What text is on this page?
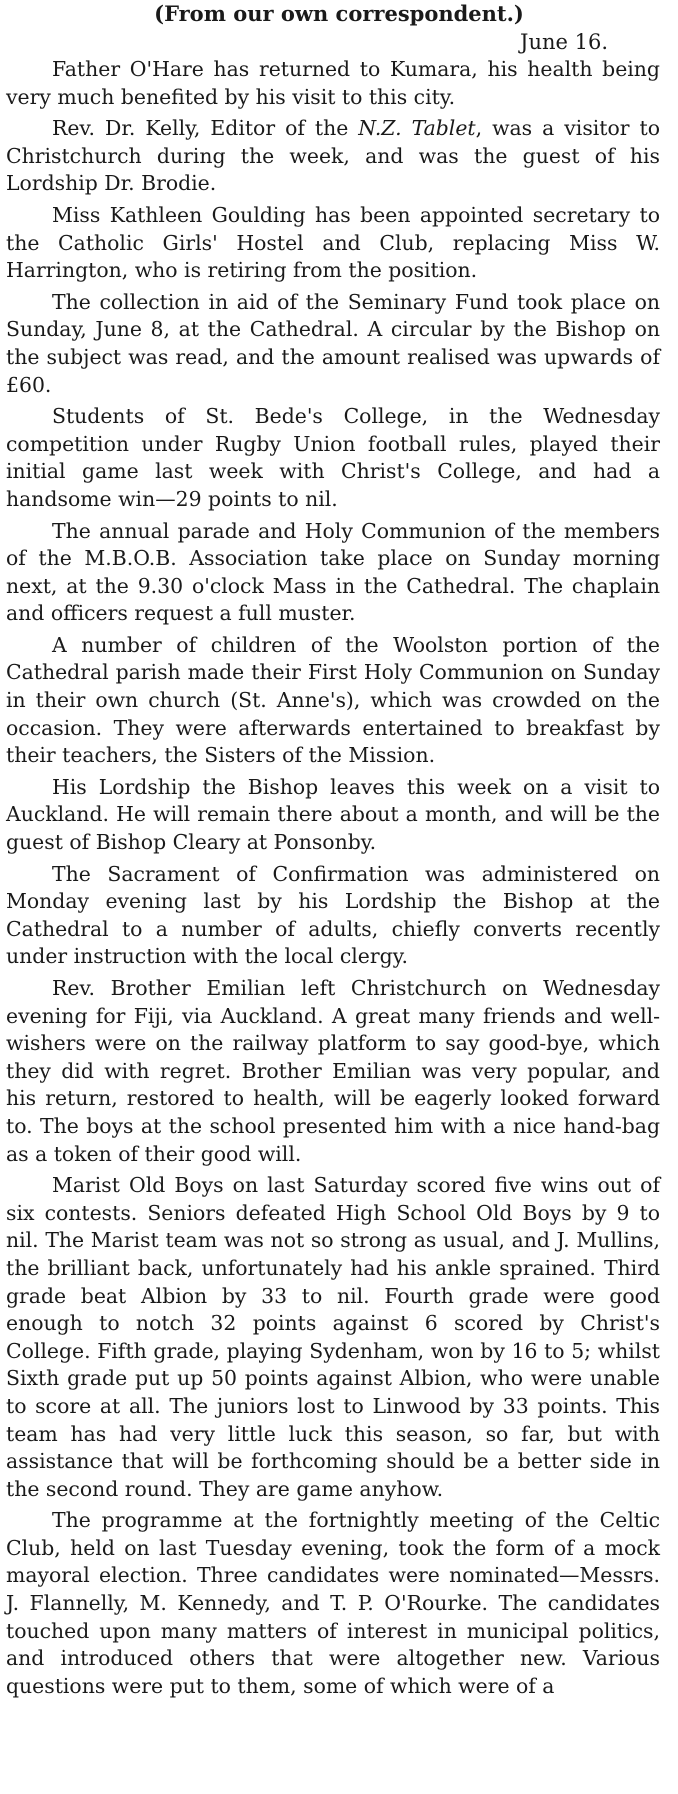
(From our own correspondent.)
June 16.

Father O'Hare has returned to Kumara, his health being very much benefited by his visit to this city.

Rev. Dr. Kelly, Editor of the N.Z. Tablet, was a visitor to Christchurch during the week, and was the guest of his Lordship Dr. Brodie.

Miss Kathleen Goulding has been appointed secretary to the Catholic Girls' Hostel and Club, replacing Miss W. Harrington, who is retiring from the position.

The collection in aid of the Seminary Fund took place on Sunday, June 8, at the Cathedral. A circular by the Bishop on the subject was read, and the amount realised was upwards of £60.

Students of St. Bede's College, in the Wednesday competition under Rugby Union football rules, played their initial game last week with Christ's College, and had a handsome win—29 points to nil.

The annual parade and Holy Communion of the members of the M.B.O.B. Association take place on Sunday morning next, at the 9.30 o'clock Mass in the Cathedral. The chaplain and officers request a full muster.

A number of children of the Woolston portion of the Cathedral parish made their First Holy Communion on Sunday in their own church (St. Anne's), which was crowded on the occasion. They were afterwards entertained to breakfast by their teachers, the Sisters of the Mission.

His Lordship the Bishop leaves this week on a visit to Auckland. He will remain there about a month, and will be the guest of Bishop Cleary at Ponsonby.

The Sacrament of Confirmation was administered on Monday evening last by his Lordship the Bishop at the Cathedral to a number of adults, chiefly converts recently under instruction with the local clergy.

Rev. Brother Emilian left Christchurch on Wednesday evening for Fiji, via Auckland. A great many friends and well-wishers were on the railway platform to say good-bye, which they did with regret. Brother Emilian was very popular, and his return, restored to health, will be eagerly looked forward to. The boys at the school presented him with a nice hand-bag as a token of their good will.

Marist Old Boys on last Saturday scored five wins out of six contests. Seniors defeated High School Old Boys by 9 to nil. The Marist team was not so strong as usual, and J. Mullins, the brilliant back, unfortunately had his ankle sprained. Third grade beat Albion by 33 to nil. Fourth grade were good enough to notch 32 points against 6 scored by Christ's College. Fifth grade, playing Sydenham, won by 16 to 5; whilst Sixth grade put up 50 points against Albion, who were unable to score at all. The juniors lost to Linwood by 33 points. This team has had very little luck this season, so far, but with assistance that will be forthcoming should be a better side in the second round. They are game anyhow.

The programme at the fortnightly meeting of the Celtic Club, held on last Tuesday evening, took the form of a mock mayoral election. Three candidates were nominated—Messrs. J. Flannelly, M. Kennedy, and T. P. O'Rourke. The candidates touched upon many matters of interest in municipal politics, and introduced others that were altogether new. Various questions were put to them, some of which were of a
